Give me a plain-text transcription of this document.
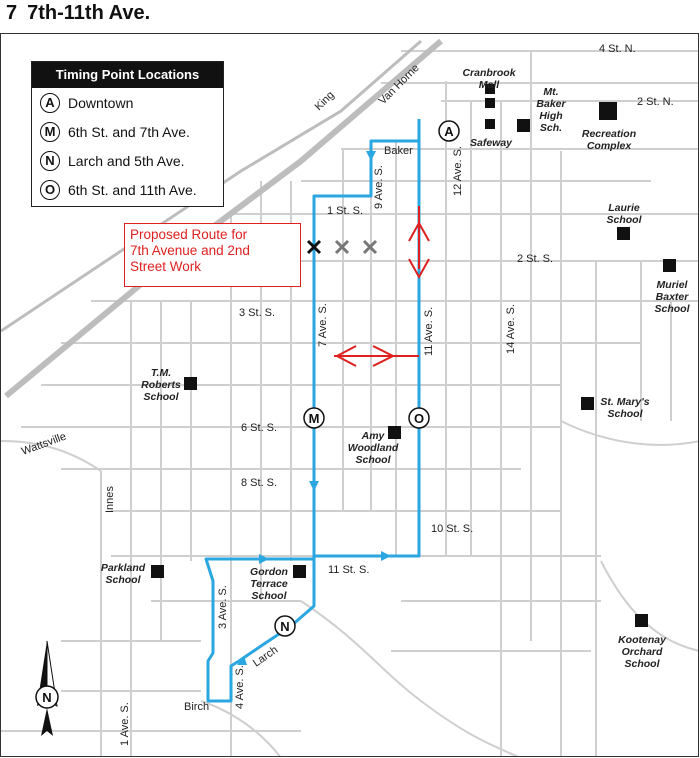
7 7th-11th Ave.
A
M
N
O
4 St. N.
2 St. N.
Van Horne
King
Baker
1 St. S.
9 Ave. S.	12 Ave. S.
2 St. S.
3 St. S.	7 Ave. S.	11 Ave. S.	14 Ave. S.
6 St. S.
8 St. S.
10 St. S.
11 St. S.
Wattsville
Innes
3 Ave. S.
Larch
4 Ave. S.
Birch
1 Ave. S.
Cranbrook Mall
Safeway
Mt. Baker High Sch.	Recreation Complex
Laurie School
Muriel Baxter School
T.M. Roberts School	St. Mary's School
Amy Woodland School
Parkland School
Gordon Terrace School
Kootenay Orchard School
N
Timing Point Locations
A Downtown
M 6th St. and 7th Ave.
N Larch and 5th Ave.
O 6th St. and 11th Ave.
Proposed Route for
7th Avenue and 2nd
Street Work
